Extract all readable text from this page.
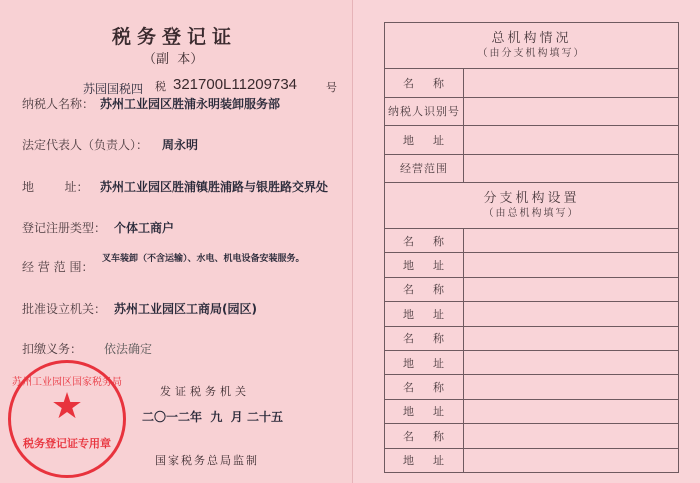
税务登记证
（副  本）
苏园国税四 税 321700L11209734	号
纳税人名称： 苏州工业园区胜浦永明装卸服务部
法定代表人（负责人）： 周永明
地        址： 苏州工业园区胜浦镇胜浦路与银胜路交界处
登记注册类型： 个体工商户
经 营 范 围：
叉车装卸（不含运输）、水电、机电设备安装服务。
批准设立机关： 苏州工业园区工商局(园区)
扣缴义务： 依法确定
苏州工业园区国家税务局
★
税务登记证专用章
发证税务机关
二〇一二年 九 月 二十五
国家税务总局监制
总机构情况
（由分支机构填写）	

名    称	
纳税人识别号	
地    址	
经营范围	

分支机构设置
（由总机构填写）	

名    称	
地    址	
名    称	
地    址	
名    称	
地    址	
名    称	
地    址	
名    称	
地    址	
